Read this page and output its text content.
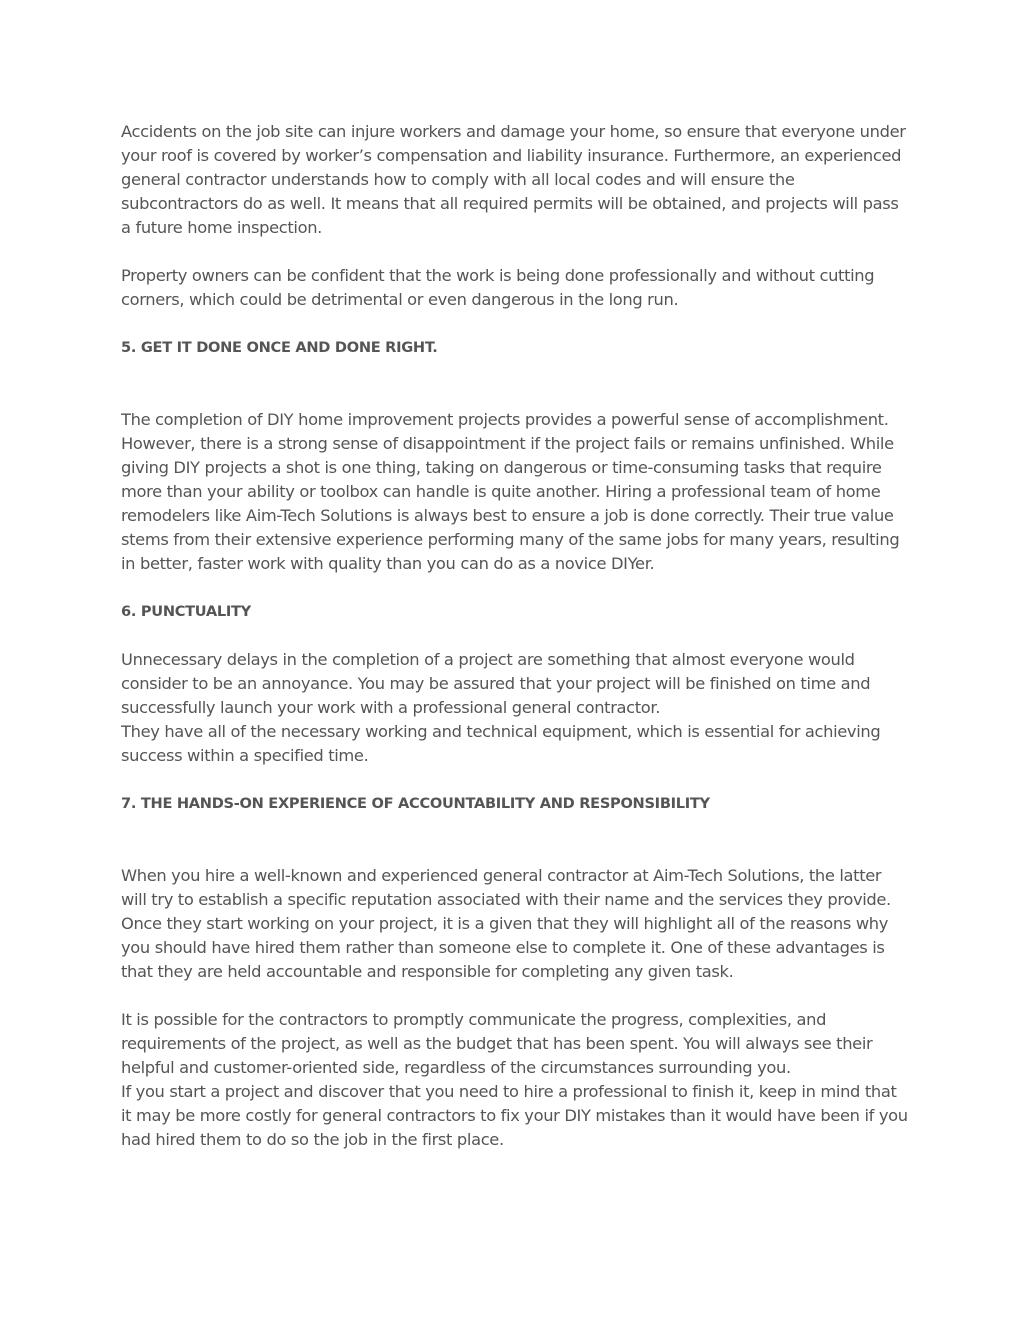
Accidents on the job site can injure workers and damage your home, so ensure that everyone under your roof is covered by worker’s compensation and liability insurance. Furthermore, an experienced general contractor understands how to comply with all local codes and will ensure the subcontractors do as well. It means that all required permits will be obtained, and projects will pass a future home inspection.

Property owners can be confident that the work is being done professionally and without cutting corners, which could be detrimental or even dangerous in the long run.

5. GET IT DONE ONCE AND DONE RIGHT.

The completion of DIY home improvement projects provides a powerful sense of accomplishment. However, there is a strong sense of disappointment if the project fails or remains unfinished. While giving DIY projects a shot is one thing, taking on dangerous or time-consuming tasks that require more than your ability or toolbox can handle is quite another. Hiring a professional team of home remodelers like Aim-Tech Solutions is always best to ensure a job is done correctly. Their true value stems from their extensive experience performing many of the same jobs for many years, resulting in better, faster work with quality than you can do as a novice DIYer.

6. PUNCTUALITY

Unnecessary delays in the completion of a project are something that almost everyone would consider to be an annoyance. You may be assured that your project will be finished on time and successfully launch your work with a professional general contractor.

They have all of the necessary working and technical equipment, which is essential for achieving success within a specified time.

7. THE HANDS-ON EXPERIENCE OF ACCOUNTABILITY AND RESPONSIBILITY

When you hire a well-known and experienced general contractor at Aim-Tech Solutions, the latter will try to establish a specific reputation associated with their name and the services they provide. Once they start working on your project, it is a given that they will highlight all of the reasons why you should have hired them rather than someone else to complete it. One of these advantages is that they are held accountable and responsible for completing any given task.

It is possible for the contractors to promptly communicate the progress, complexities, and requirements of the project, as well as the budget that has been spent. You will always see their helpful and customer-oriented side, regardless of the circumstances surrounding you.

If you start a project and discover that you need to hire a professional to finish it, keep in mind that it may be more costly for general contractors to fix your DIY mistakes than it would have been if you had hired them to do so the job in the first place.
